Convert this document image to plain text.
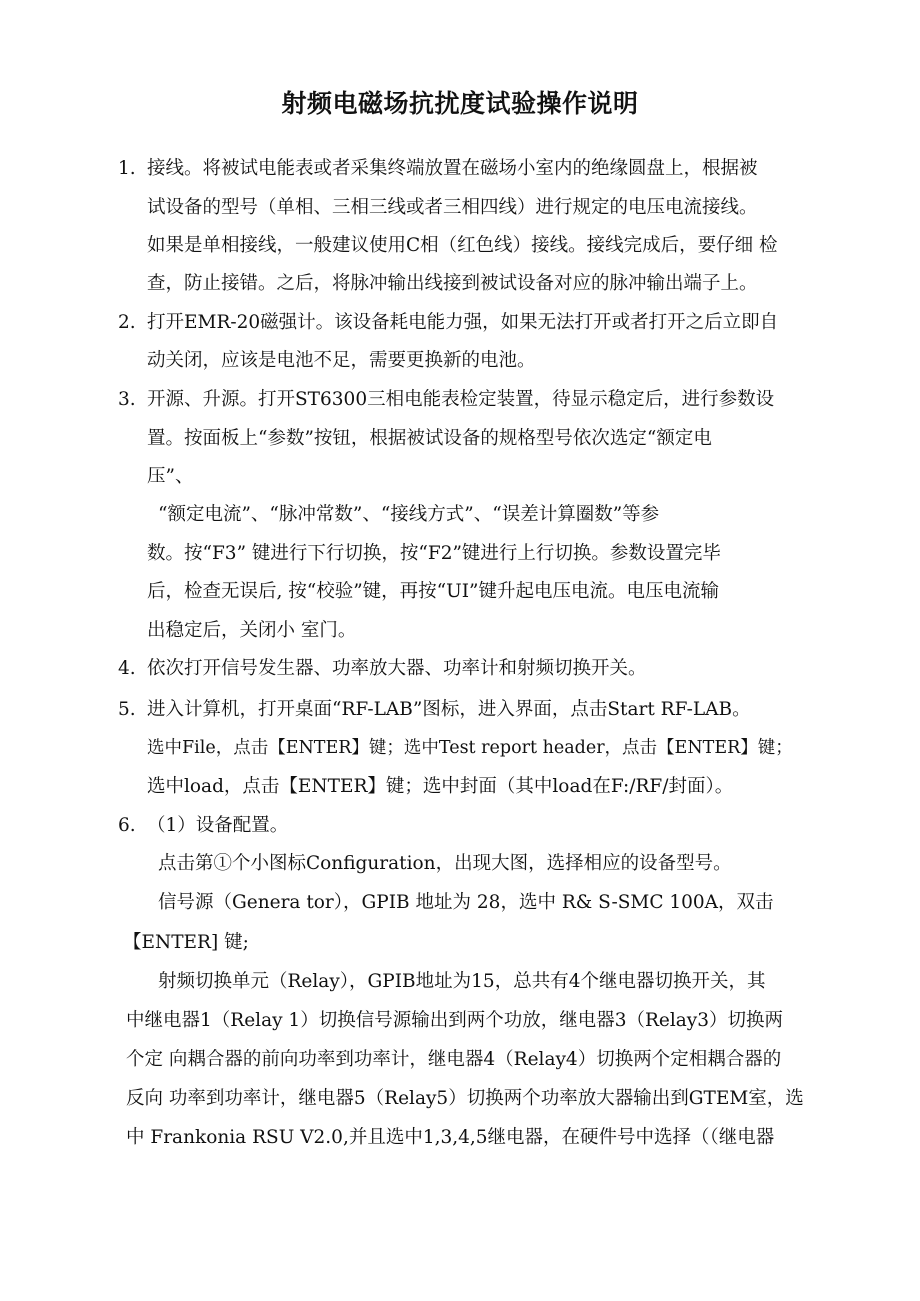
射频电磁场抗扰度试验操作说明
1. 接线。将被试电能表或者采集终端放置在磁场小室内的绝缘圆盘上，根据被
试设备的型号（单相、三相三线或者三相四线）进行规定的电压电流接线。
如果是单相接线，一般建议使用C相（红色线）接线。接线完成后，要仔细 检
查，防止接错。之后，将脉冲输出线接到被试设备对应的脉冲输出端子上。
2. 打开EMR-20磁强计。该设备耗电能力强，如果无法打开或者打开之后立即自
动关闭，应该是电池不足，需要更换新的电池。
3. 开源、升源。打开ST6300三相电能表检定装置，待显示稳定后，进行参数设
置。按面板上“参数”按钮，根据被试设备的规格型号依次选定“额定电
压”、
“额定电流”、“脉冲常数”、“接线方式”、“误差计算圈数”等参
数。按“F3” 键进行下行切换，按“F2”键进行上行切换。参数设置完毕
后，检查无误后, 按“校验”键，再按“UI”键升起电压电流。电压电流输
出稳定后，关闭小 室门。
4. 依次打开信号发生器、功率放大器、功率计和射频切换开关。
5. 进入计算机，打开桌面“RF-LAB”图标，进入界面，点击Start RF-LAB。
选中File，点击【ENTER】键；选中Test report header，点击【ENTER】键；
选中load，点击【ENTER】键；选中封面（其中load在F:/RF/封面）。
6. （1）设备配置。
点击第①个小图标Configuration，出现大图，选择相应的设备型号。
信号源（Genera tor），GPIB 地址为 28，选中 R& S-SMC 100A，双击
【ENTER] 键;
射频切换单元（Relay），GPIB地址为15，总共有4个继电器切换开关，其
中继电器1（Relay 1）切换信号源输出到两个功放，继电器3（Relay3）切换两
个定 向耦合器的前向功率到功率计，继电器4（Relay4）切换两个定相耦合器的
反向 功率到功率计，继电器5（Relay5）切换两个功率放大器输出到GTEM室，选
中 Frankonia RSU V2.0,并且选中1,3,4,5继电器，在硬件号中选择（（继电器
